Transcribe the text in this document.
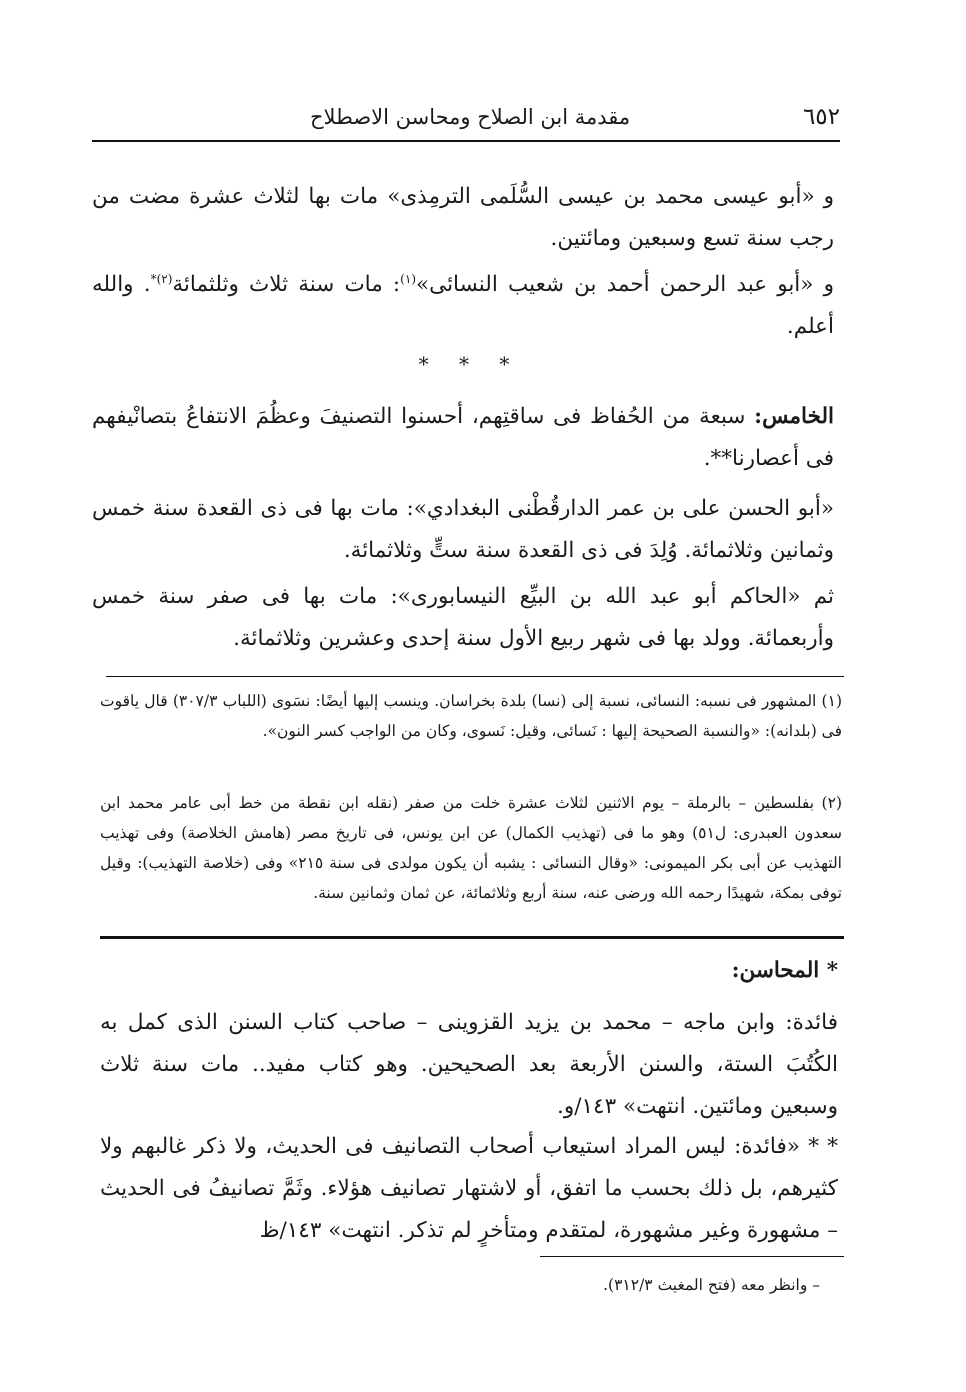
٦٥٢
مقدمة ابن الصلاح ومحاسن الاصطلاح
و «أبو عيسى محمد بن عيسى السُّلَمى الترمِذى» مات بها لثلاث عشرة مضت من رجب سنة تسع وسبعين ومائتين.
و «أبو عبد الرحمن أحمد بن شعيب النسائى»$^{(١)}$: مات سنة ثلاث وثلثمائة$^{(٢)*}$. والله أعلم.
* * *
الخامس: سبعة من الحُفاظ فى ساقتِهم، أحسنوا التصنيفَ وعظُمَ الانتفاعُ بتصانْيفهم فى أعصارنا**.
«أبو الحسن على بن عمر الدارقُطْنى البغدادي»: مات بها فى ذى القعدة سنة خمس وثمانين وثلاثمائة. وُلِدَ فى ذى القعدة سنة ستٍّ وثلاثمائة.
ثم «الحاكم أبو عبد الله بن البيِّع النيسابورى»: مات بها فى صفر سنة خمس وأربعمائة. وولد بها فى شهر ربيع الأول سنة إحدى وعشرين وثلاثمائة.
(١) المشهور فى نسبه: النسائى، نسبة إلى (نسا) بلدة بخراسان. وينسب إليها أيضًا: نسَوى (اللباب ٣٠٧/٣) قال ياقوت فى (بلدانه): «والنسبة الصحيحة إليها : نَسائى، وقيل: نَسوى، وكان من الواجب كسر النون».
(٢) بفلسطين – بالرملة – يوم الاثنين لثلاث عشرة خلت من صفر (نقله ابن نقطة من خط أبى عامر محمد ابن سعدون العبدرى: ل٥١) وهو ما فى (تهذيب الكمال) عن ابن يونس، فى تاريخ مصر (هامش الخلاصة) وفى تهذيب التهذيب عن أبى بكر الميمونى: «وقال النسائى : يشبه أن يكون مولدى فى سنة ٢١٥» وفى (خلاصة التهذيب): وقيل توفى بمكة، شهيدًا رحمه الله ورضى عنه، سنة أربع وثلاثمائة، عن ثمان وثمانين سنة.
* المحاسن:
فائدة: وابن ماجه – محمد بن يزيد القزوينى – صاحب كتاب السنن الذى كمل به الكُتُبَ الستة، والسنن الأربعة بعد الصحيحين. وهو كتاب مفيد.. مات سنة ثلاث وسبعين ومائتين. انتهت» ١٤٣/و.
* * «فائدة: ليس المراد استيعاب أصحاب التصانيف فى الحديث، ولا ذكر غالبهم ولا كثيرهم، بل ذلك بحسب ما اتفق، أو لاشتهار تصانيف هؤلاء. وثَمَّ تصانيفُ فى الحديث – مشهورة وغير مشهورة، لمتقدم ومتأخرٍ لم تذكر. انتهت» ١٤٣/ظ
– وانظر معه (فتح المغيث ٣١٢/٣).
